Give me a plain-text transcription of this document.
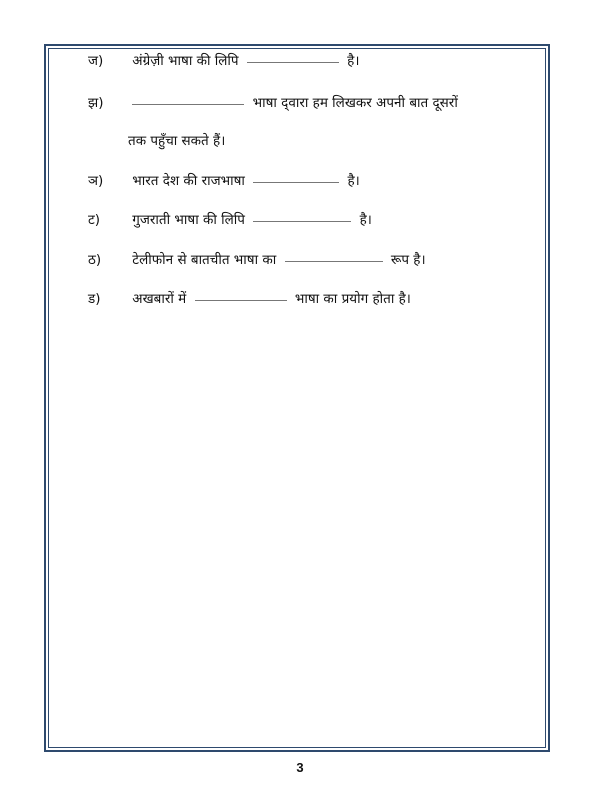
ज) अंग्रेज़ी भाषा की लिपि	है।
झ)	भाषा द्‌वारा हम लिखकर अपनी बात दूसरों
तक पहुँचा सकते हैं।
ञ) भारत देश की राजभाषा	है।
ट) गुजराती भाषा की लिपि	है।
ठ) टेलीफोन से बातचीत भाषा का	रूप है।
ड) अखबारों में	भाषा का प्रयोग होता है।
3
